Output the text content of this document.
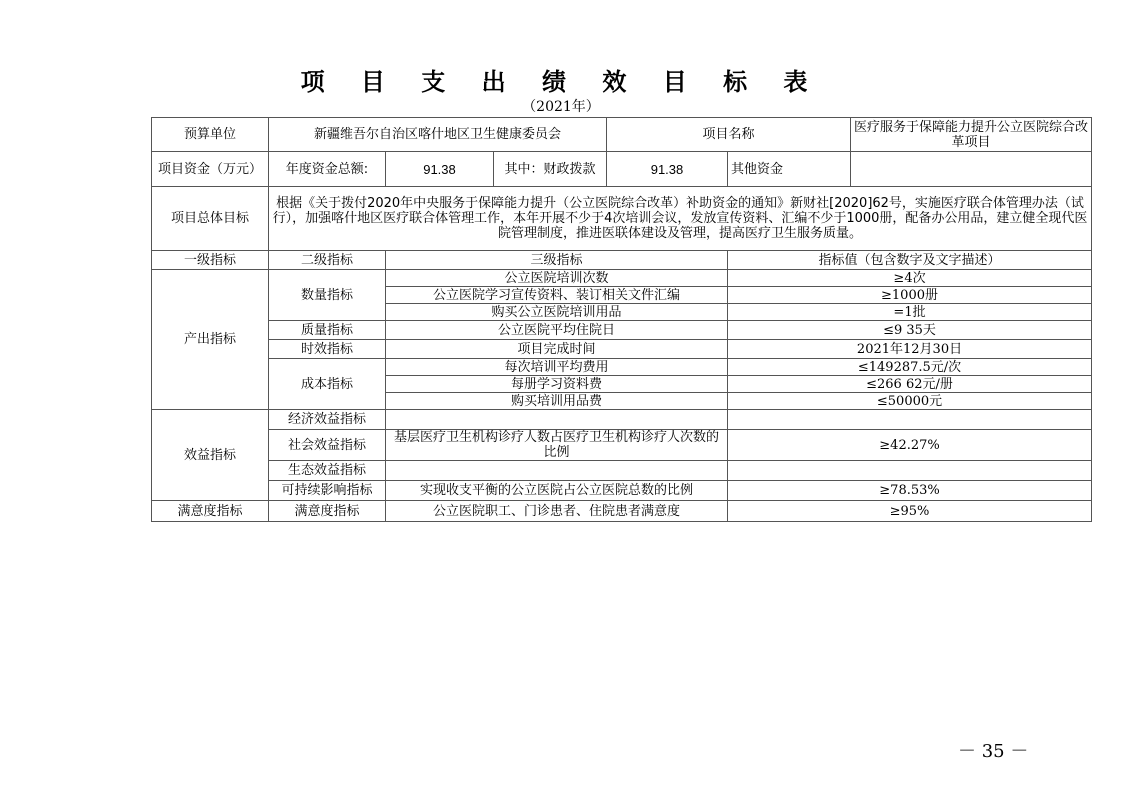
项 目 支 出 绩 效 目 标 表
（2021年）
预算单位	新疆维吾尔自治区喀什地区卫生健康委员会			项目名称		医疗服务于保障能力提升公立医院综合改革项目
项目资金（万元）	年度资金总额:	91.38	其中：财政拨款	91.38	其他资金	
项目总体目标	根据《关于拨付2020年中央服务于保障能力提升（公立医院综合改革）补助资金的通知》新财社[2020]62号，实施医疗联合体管理办法（试行），加强喀什地区医疗联合体管理工作，本年开展不少于4次培训会议，发放宣传资料、汇编不少于1000册，配备办公用品，建立健全现代医院管理制度，推进医联体建设及管理，提高医疗卫生服务质量。					
一级指标	二级指标	三级指标			指标值（包含数字及文字描述）	
产出指标	数量指标	公立医院培训次数			≥4次	
		公立医院学习宣传资料、装订相关文件汇编			≥1000册	
		购买公立医院培训用品			=1批	
	质量指标	公立医院平均住院日			≤9 35天	
	时效指标	项目完成时间			2021年12月30日	
	成本指标	每次培训平均费用			≤149287.5元/次	
		每册学习资料费			≤266 62元/册	
		购买培训用品费			≤50000元	
效益指标	经济效益指标					
	社会效益指标	基层医疗卫生机构诊疗人数占医疗卫生机构诊疗人次数的比例			≥42.27%	
	生态效益指标					
	可持续影响指标	实现收支平衡的公立医院占公立医院总数的比例			≥78.53%	
满意度指标	满意度指标	公立医院职工、门诊患者、住院患者满意度			≥95%	
－ 35 －
